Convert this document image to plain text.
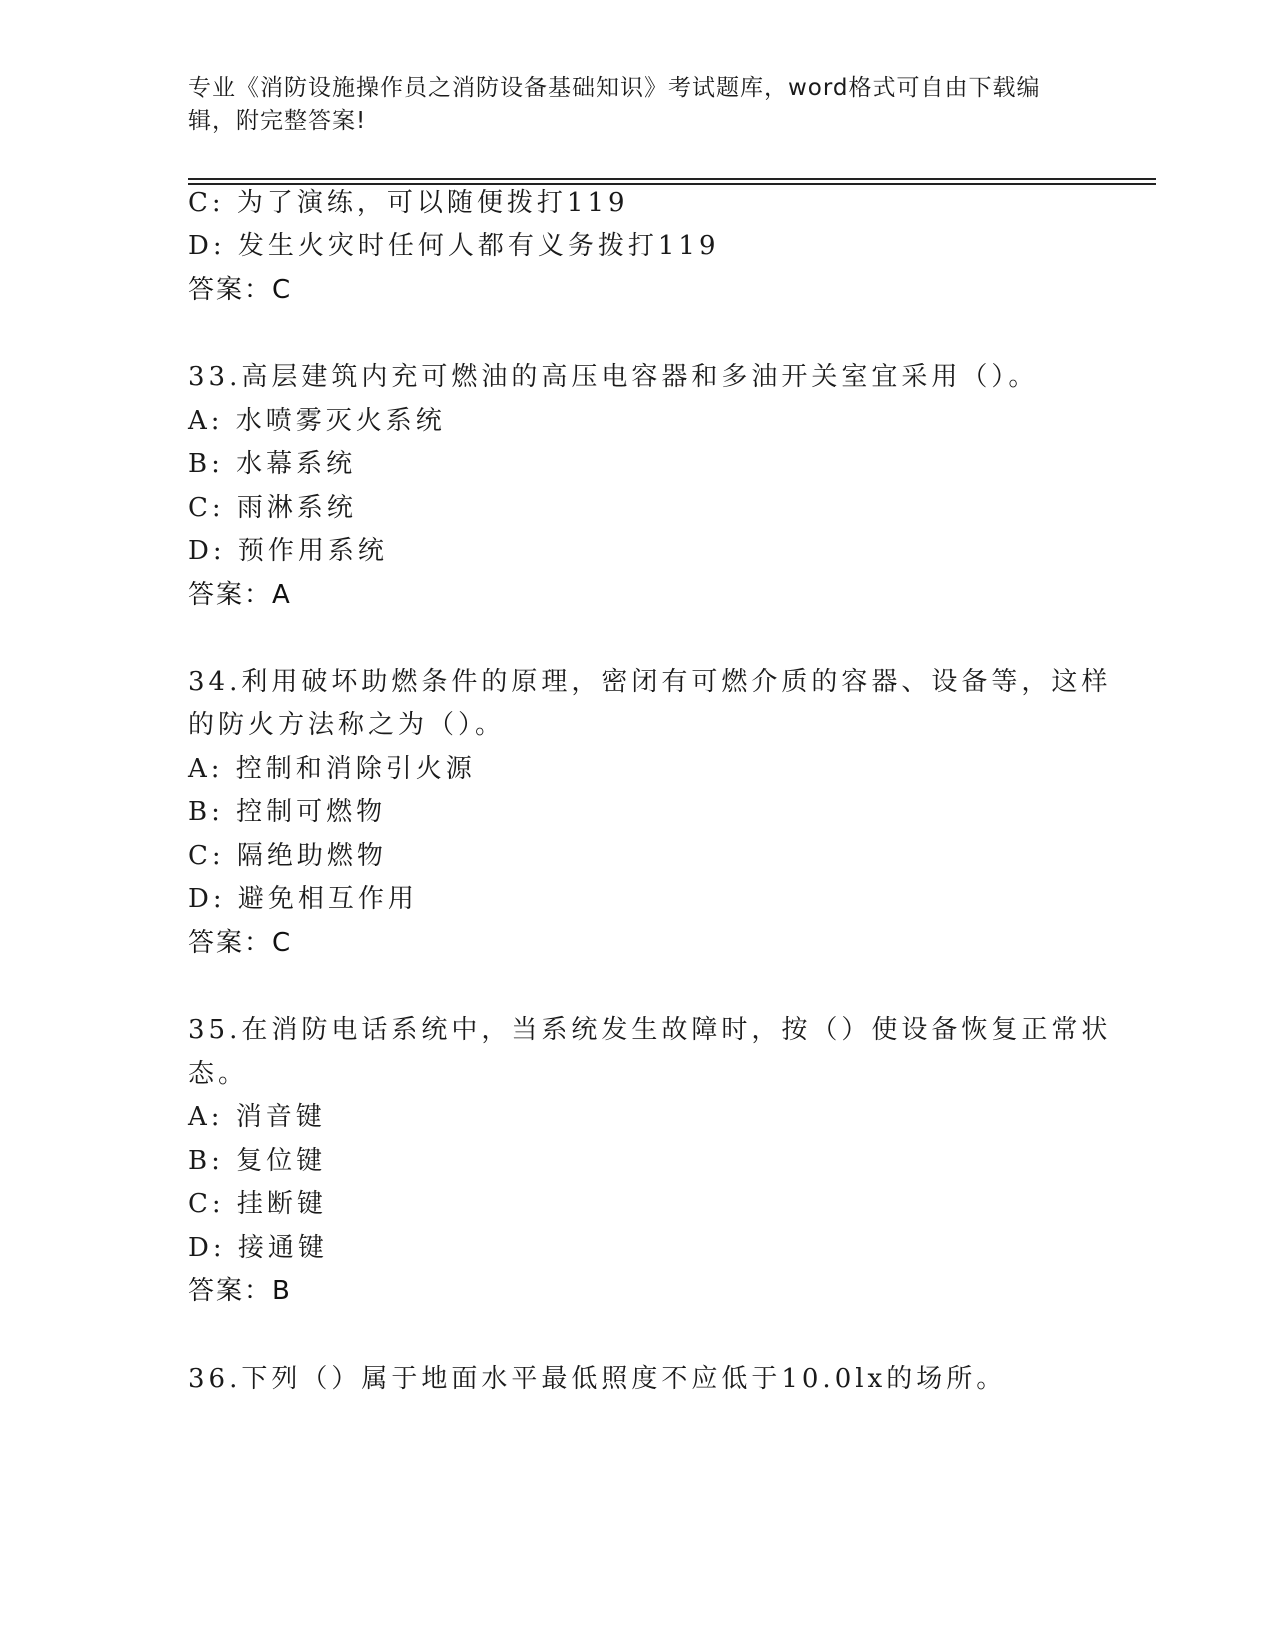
专业《消防设施操作员之消防设备基础知识》考试题库，word格式可自由下载编
辑，附完整答案!
C: 为了演练，可以随便拨打119
D: 发生火灾时任何人都有义务拨打119
答案：C
33.高层建筑内充可燃油的高压电容器和多油开关室宜采用（）。
A: 水喷雾灭火系统
B: 水幕系统
C: 雨淋系统
D: 预作用系统
答案：A
34.利用破坏助燃条件的原理，密闭有可燃介质的容器、设备等，这样
的防火方法称之为（）。
A: 控制和消除引火源
B: 控制可燃物
C: 隔绝助燃物
D: 避免相互作用
答案：C
35.在消防电话系统中，当系统发生故障时，按（）使设备恢复正常状
态。
A: 消音键
B: 复位键
C: 挂断键
D: 接通键
答案：B
36.下列（）属于地面水平最低照度不应低于10.0lx的场所。
